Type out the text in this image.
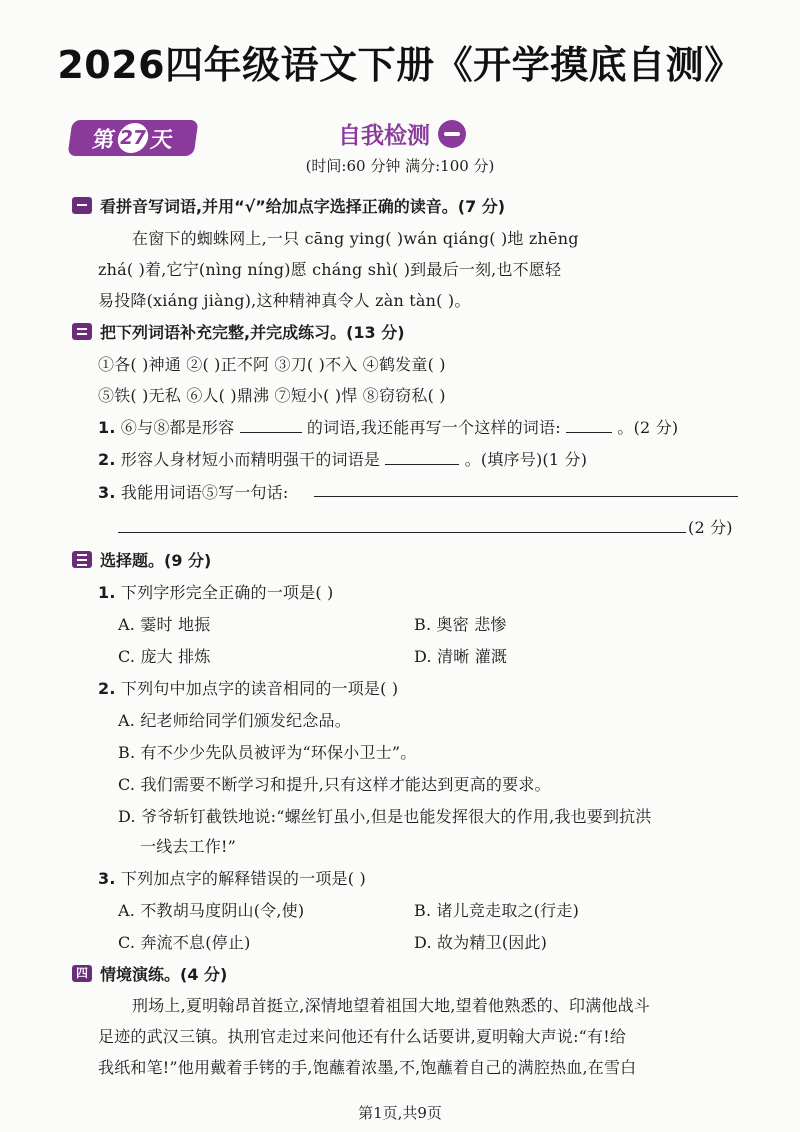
2026四年级语文下册《开学摸底自测》
第 27 天	自我检测
(时间:60 分钟 满分:100 分)
看拼音写词语,并用“√”给加点字选择正确的读音。(7 分)
在窗下的蜘蛛网上,一只 cāng ying( )wán qiáng( )地 zhēng
zhá( )着,它宁(nìng níng)愿 cháng shì( )到最后一刻,也不愿轻
易投降(xiáng jiàng),这种精神真令人 zàn tàn( )。
把下列词语补充完整,并完成练习。(13 分)
①各( )神通 ②( )正不阿 ③刀( )不入 ④鹤发童( )
⑤铁( )无私 ⑥人( )鼎沸 ⑦短小( )悍 ⑧窃窃私( )
1. ⑥与⑧都是形容	的词语,我还能再写一个这样的词语:	。(2 分)
2. 形容人身材短小而精明强干的词语是	。(填序号)(1 分)
3. 我能用词语⑤写一句话:
(2 分)
选择题。(9 分)
1. 下列字形完全正确的一项是( )
A. 霎时 地振	B. 奥密 悲惨
C. 庞大 排炼	D. 清晰 灌溉
2. 下列句中加点字的读音相同的一项是( )
A. 纪老师给同学们颁发纪念品。
B. 有不少少先队员被评为“环保小卫士”。
C. 我们需要不断学习和提升,只有这样才能达到更高的要求。
D. 爷爷斩钉截铁地说:“螺丝钉虽小,但是也能发挥很大的作用,我也要到抗洪
一线去工作!”
3. 下列加点字的解释错误的一项是( )
A. 不教胡马度阴山(令,使)	B. 诸儿竞走取之(行走)
C. 奔流不息(停止)	D. 故为精卫(因此)
四 情境演练。(4 分)
刑场上,夏明翰昂首挺立,深情地望着祖国大地,望着他熟悉的、印满他战斗
足迹的武汉三镇。执刑官走过来问他还有什么话要讲,夏明翰大声说:“有!给
我纸和笔!”他用戴着手铐的手,饱蘸着浓墨,不,饱蘸着自己的满腔热血,在雪白
第1页,共9页
